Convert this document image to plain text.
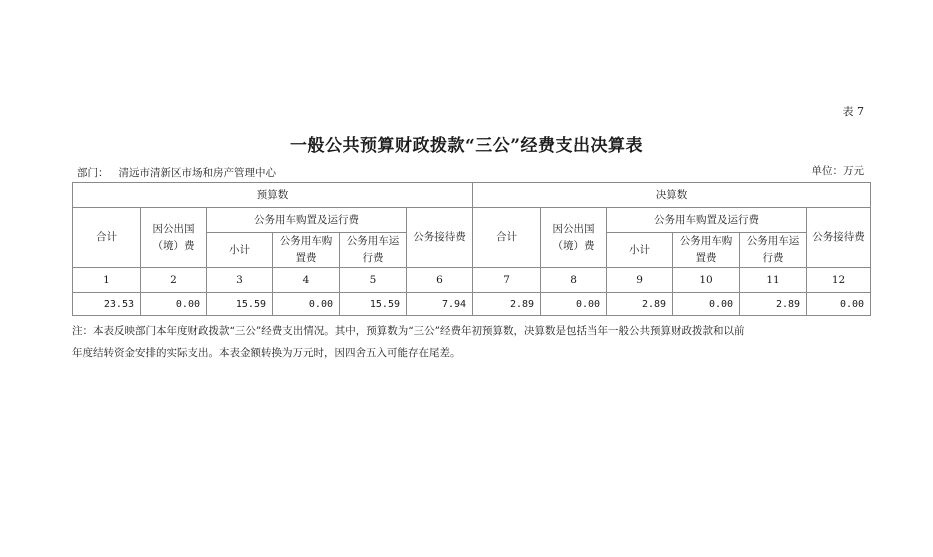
表 7
一般公共预算财政拨款“三公”经费支出决算表
部门： 清远市清新区市场和房产管理中心	单位：万元
预算数						决算数					
合计	因公出国（境）费	公务用车购置及运行费			公务接待费	合计	因公出国（境）费	公务用车购置及运行费			公务接待费
		小计	公务用车购置费	公务用车运行费				小计	公务用车购置费	公务用车运行费	
1	2	3	4	5	6	7	8	9	10	11	12
23.53	0.00	15.59	0.00	15.59	7.94	2.89	0.00	2.89	0.00	2.89	0.00
注：本表反映部门本年度财政拨款“三公”经费支出情况。其中，预算数为“三公”经费年初预算数，决算数是包括当年一般公共预算财政拨款和以前
年度结转资金安排的实际支出。本表金额转换为万元时，因四舍五入可能存在尾差。
